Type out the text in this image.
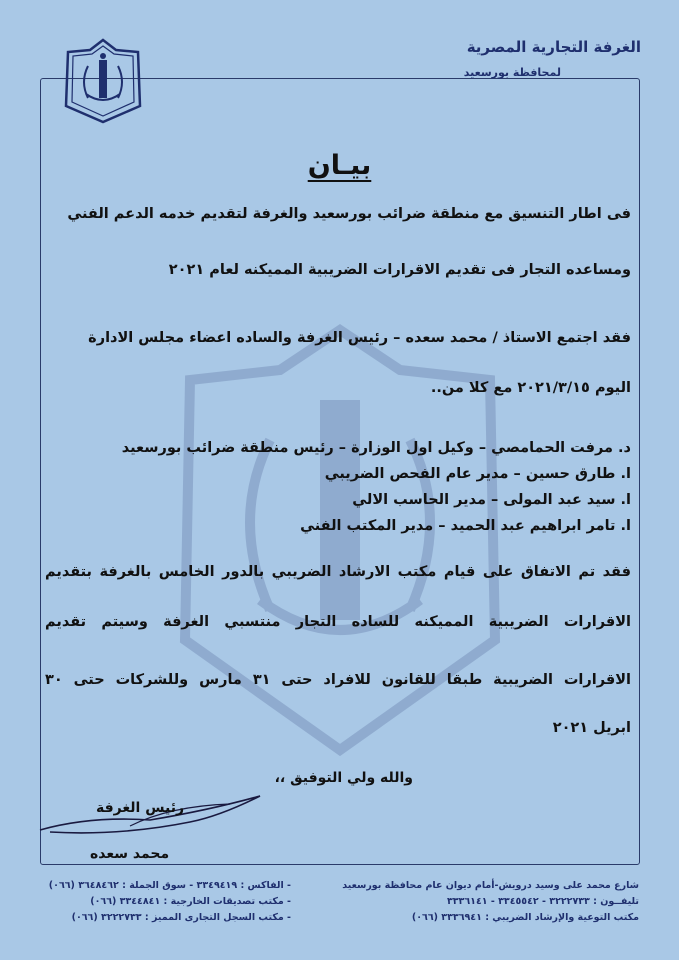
الغرفة التجارية المصرية
لمحافظة بورسعيد
بيـان
فى اطار التنسيق مع منطقة ضرائب بورسعيد والغرفة لتقديم خدمه الدعم الفني
ومساعده التجار فى تقديم الاقرارات الضريبية المميكنه لعام ٢٠٢١
فقد اجتمع الاستاذ / محمد سعده – رئيس الغرفة والساده اعضاء مجلس الادارة
اليوم ٢٠٢١/٣/١٥ مع كلا من..
د. مرفت الحمامصي – وكيل اول الوزارة – رئيس منطقة ضرائب بورسعيد
ا. طارق حسين – مدير عام الفحص الضريبي
ا. سيد عبد المولى – مدير الحاسب الالي
ا. تامر ابراهيم عبد الحميد – مدير المكتب الفني
فقد تم الاتفاق على قيام مكتب الارشاد الضريبي بالدور الخامس بالغرفة بتقديم
الاقرارات الضريبية المميكنه للساده التجار منتسبي الغرفة وسيتم تقديم
الاقرارات الضريبية طبقا للقانون للافراد حتى ٣١ مارس وللشركات حتى ٣٠
ابريل ٢٠٢١
والله ولي التوفيق ،،
رئيس الغرفة
محمد سعده
شارع محمد على وسيد درويش-أمام ديوان عام محافظة بورسعيد
تليفــون : ٣٢٢٢٧٣٣ - ٣٣٤٥٥٤٢ - ٣٣٣٦١٤١
مكتب التوعية والإرشاد الضريبي : ٣٣٣٦٩٤١ (٠٦٦)
- الفاكس : ٣٣٤٩٤١٩ - سوق الجملة : ٣٦٤٨٤٦٢ (٠٦٦)
- مكتب تصديقات الخارجية : ٣٣٤٤٨٤١ (٠٦٦)
- مكتب السجل التجارى المميز : ٣٢٢٢٧٣٣ (٠٦٦)
